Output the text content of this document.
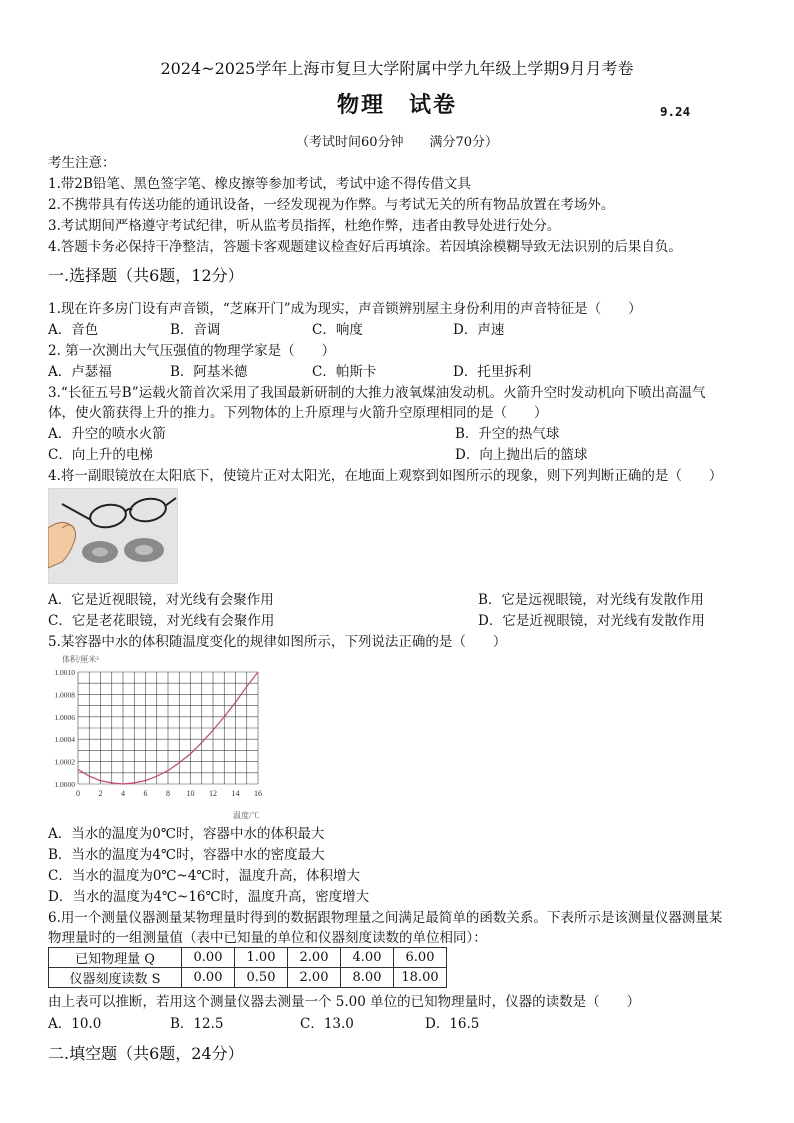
2024~2025学年上海市复旦大学附属中学九年级上学期9月月考卷
物理　试卷	9.24
（考试时间60分钟　　满分70分）
考生注意：
1.带2B铅笔、黑色签字笔、橡皮擦等参加考试，考试中途不得传借文具
2.不携带具有传送功能的通讯设备，一经发现视为作弊。与考试无关的所有物品放置在考场外。
3.考试期间严格遵守考试纪律，听从监考员指挥，杜绝作弊，违者由教导处进行处分。
4.答题卡务必保持干净整洁，答题卡客观题建议检查好后再填涂。若因填涂模糊导致无法识别的后果自负。
一.选择题（共6题，12分）
1.现在许多房门设有声音锁，“芝麻开门”成为现实，声音锁辨别屋主身份利用的声音特征是（　　）
A．音色	B．音调	C．响度	D．声速
2. 第一次测出大气压强值的物理学家是（　　）
A．卢瑟福	B．阿基米德	C．帕斯卡	D．托里拆利
3.“长征五号B”运载火箭首次采用了我国最新研制的大推力液氧煤油发动机。火箭升空时发动机向下喷出高温气
体，使火箭获得上升的推力。下列物体的上升原理与火箭升空原理相同的是（　　）
A．升空的喷水火箭	B．升空的热气球
C．向上升的电梯	D．向上抛出后的篮球
4.将一副眼镜放在太阳底下，使镜片正对太阳光，在地面上观察到如图所示的现象，则下列判断正确的是（　　）
A．它是近视眼镜，对光线有会聚作用	B．它是远视眼镜，对光线有发散作用
C．它是老花眼镜，对光线有会聚作用	D．它是近视眼镜，对光线有发散作用
5.某容器中水的体积随温度变化的规律如图所示，下列说法正确的是（　　）
体积/厘米³
温度/℃
0 2 4 6 8 10 12 14 16
1.0000
1.0002
1.0004
1.0006
1.0008
1.0010
A．当水的温度为0℃时，容器中水的体积最大
B．当水的温度为4℃时，容器中水的密度最大
C．当水的温度为0℃~4℃时，温度升高，体积增大
D．当水的温度为4℃~16℃时，温度升高，密度增大
6.用一个测量仪器测量某物理量时得到的数据跟物理量之间满足最简单的函数关系。下表所示是该测量仪器测量某
物理量时的一组测量值（表中已知量的单位和仪器刻度读数的单位相同）：
已知物理量 Q	0.00	1.00	2.00	4.00	6.00
仪器刻度读数 S	0.00	0.50	2.00	8.00	18.00
由上表可以推断，若用这个测量仪器去测量一个 5.00 单位的已知物理量时，仪器的读数是（　　）
A．10.0	B．12.5	C．13.0	D．16.5
二.填空题（共6题，24分）
